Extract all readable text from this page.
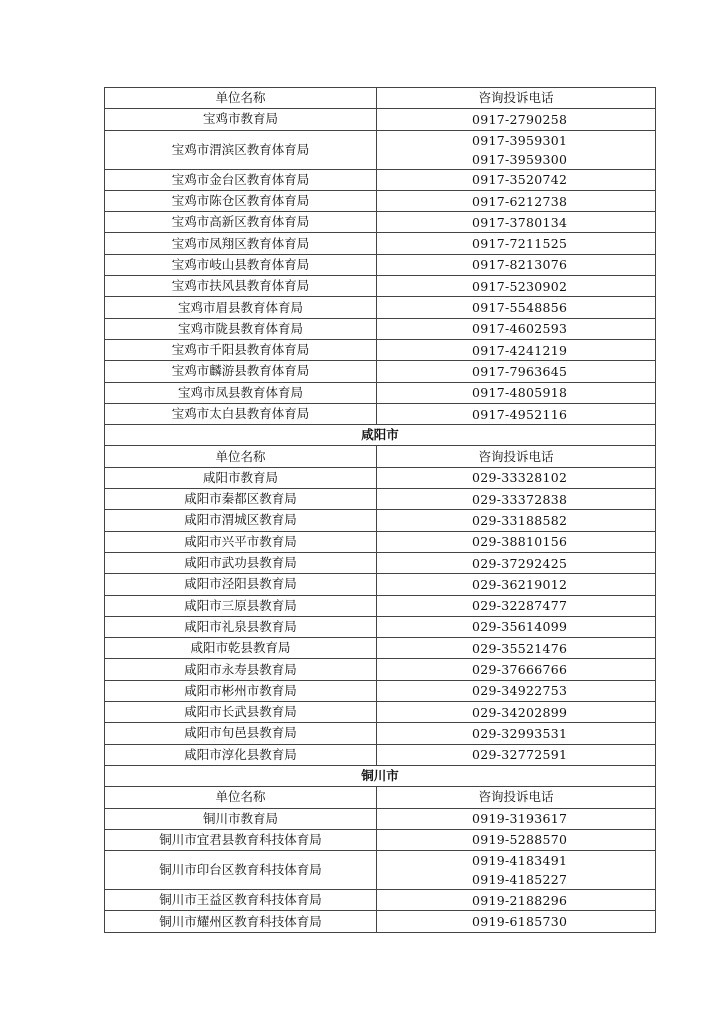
单位名称	咨询投诉电话
宝鸡市教育局	0917-2790258

宝鸡市渭滨区教育体育局	0917-3959301
0917-3959300

宝鸡市金台区教育体育局	0917-3520742

宝鸡市陈仓区教育体育局	0917-6212738

宝鸡市高新区教育体育局	0917-3780134

宝鸡市凤翔区教育体育局	0917-7211525

宝鸡市岐山县教育体育局	0917-8213076

宝鸡市扶风县教育体育局	0917-5230902

宝鸡市眉县教育体育局	0917-5548856

宝鸡市陇县教育体育局	0917-4602593

宝鸡市千阳县教育体育局	0917-4241219

宝鸡市麟游县教育体育局	0917-7963645

宝鸡市凤县教育体育局	0917-4805918

宝鸡市太白县教育体育局	0917-4952116

咸阳市	
单位名称	咨询投诉电话
咸阳市教育局	029-33328102

咸阳市秦都区教育局	029-33372838

咸阳市渭城区教育局	029-33188582

咸阳市兴平市教育局	029-38810156

咸阳市武功县教育局	029-37292425

咸阳市泾阳县教育局	029-36219012

咸阳市三原县教育局	029-32287477

咸阳市礼泉县教育局	029-35614099

咸阳市乾县教育局	029-35521476

咸阳市永寿县教育局	029-37666766

咸阳市彬州市教育局	029-34922753

咸阳市长武县教育局	029-34202899

咸阳市旬邑县教育局	029-32993531

咸阳市淳化县教育局	029-32772591

铜川市	
单位名称	咨询投诉电话
铜川市教育局	0919-3193617

铜川市宜君县教育科技体育局	0919-5288570

铜川市印台区教育科技体育局	0919-4183491
0919-4185227

铜川市王益区教育科技体育局	0919-2188296

铜川市耀州区教育科技体育局	0919-6185730
